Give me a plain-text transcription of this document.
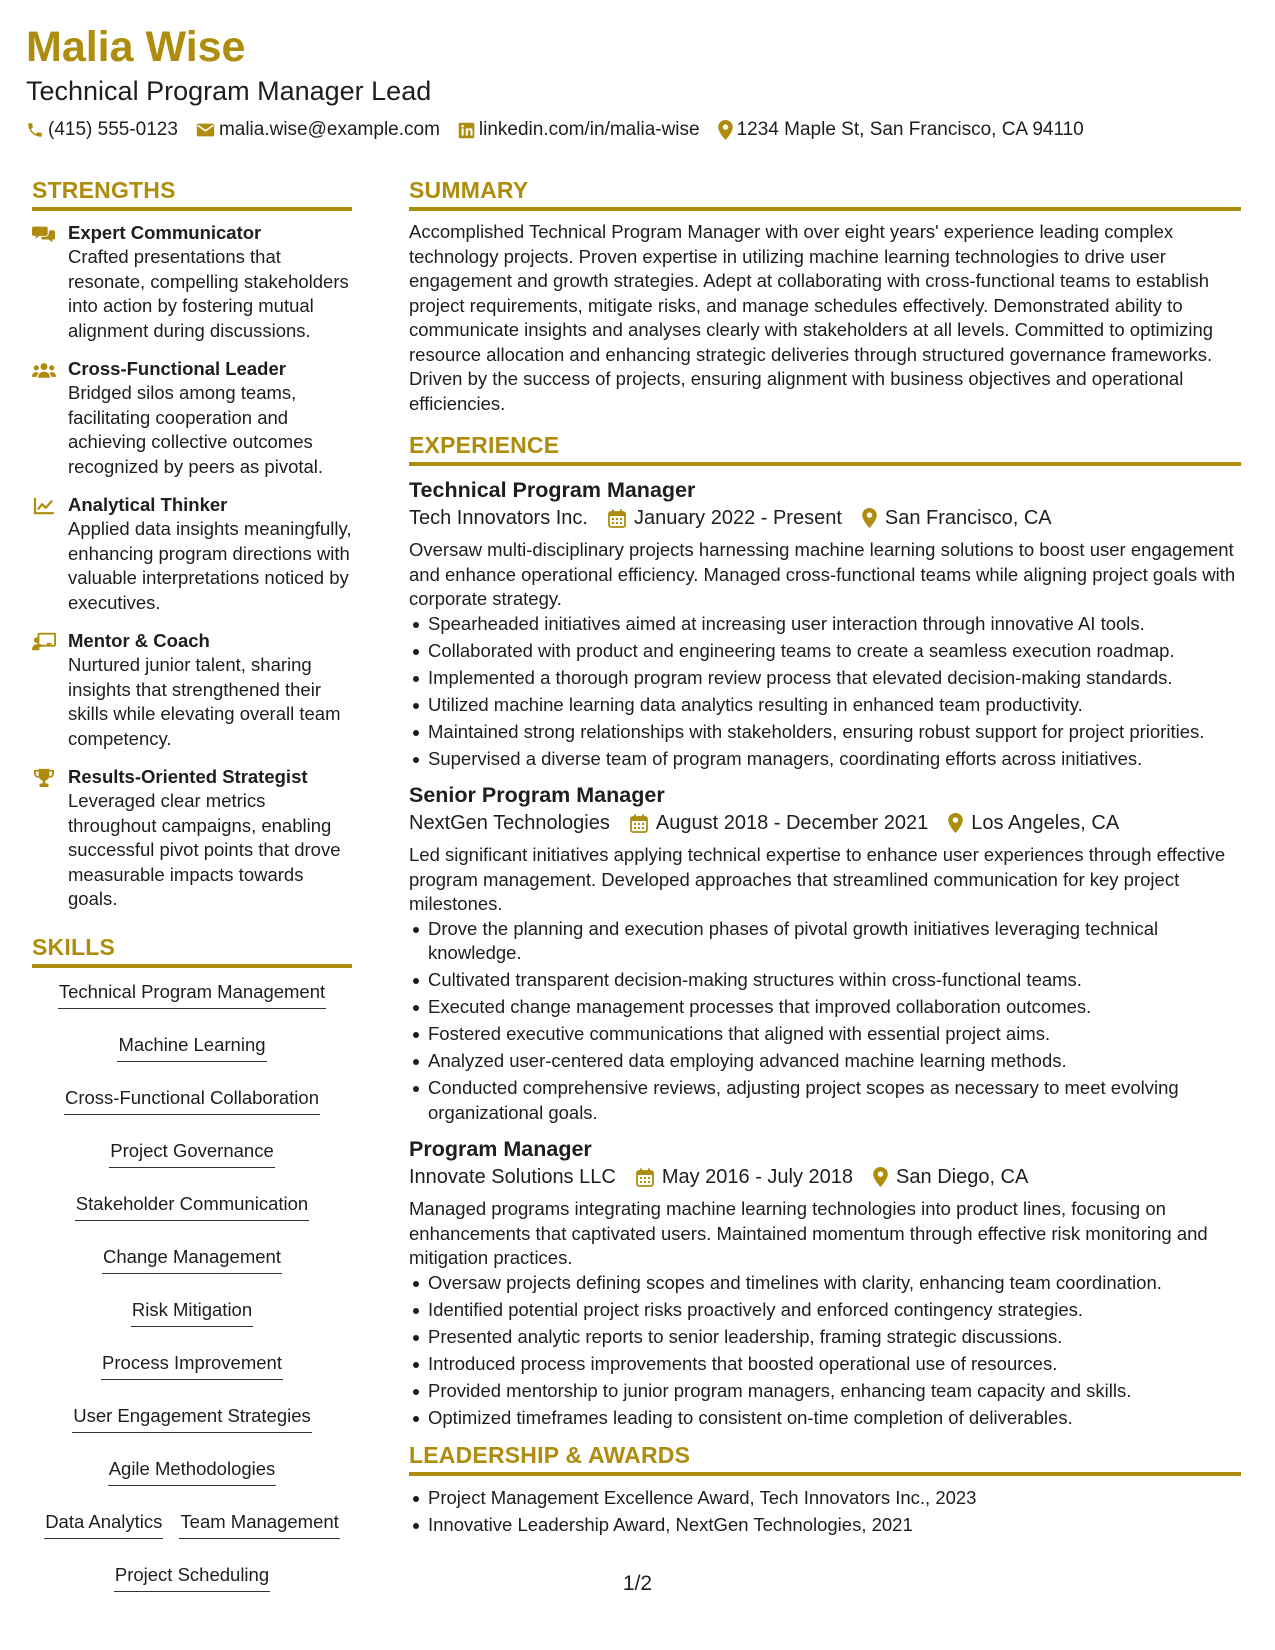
Malia Wise
Technical Program Manager Lead
(415) 555-0123 malia.wise@example.com linkedin.com/in/malia-wise 1234 Maple St, San Francisco, CA 94110
STRENGTHS
Expert Communicator
Crafted presentations that resonate, compelling stakeholders into action by fostering mutual alignment during discussions.
Cross-Functional Leader
Bridged silos among teams, facilitating cooperation and achieving collective outcomes recognized by peers as pivotal.
Analytical Thinker
Applied data insights meaningfully, enhancing program directions with valuable interpretations noticed by executives.
Mentor & Coach
Nurtured junior talent, sharing insights that strengthened their skills while elevating overall team competency.
Results-Oriented Strategist
Leveraged clear metrics throughout campaigns, enabling successful pivot points that drove measurable impacts towards goals.
SKILLS
Technical Program Management
Machine Learning
Cross-Functional Collaboration
Project Governance
Stakeholder Communication
Change Management
Risk Mitigation
Process Improvement
User Engagement Strategies
Agile Methodologies
Data Analytics Team Management
Project Scheduling
SUMMARY
Accomplished Technical Program Manager with over eight years' experience leading complex technology projects. Proven expertise in utilizing machine learning technologies to drive user engagement and growth strategies. Adept at collaborating with cross-functional teams to establish project requirements, mitigate risks, and manage schedules effectively. Demonstrated ability to communicate insights and analyses clearly with stakeholders at all levels. Committed to optimizing resource allocation and enhancing strategic deliveries through structured governance frameworks. Driven by the success of projects, ensuring alignment with business objectives and operational efficiencies.
EXPERIENCE
Technical Program Manager
Tech Innovators Inc. January 2022 - Present San Francisco, CA
Oversaw multi-disciplinary projects harnessing machine learning solutions to boost user engagement and enhance operational efficiency. Managed cross-functional teams while aligning project goals with corporate strategy.
Spearheaded initiatives aimed at increasing user interaction through innovative AI tools.
Collaborated with product and engineering teams to create a seamless execution roadmap.
Implemented a thorough program review process that elevated decision-making standards.
Utilized machine learning data analytics resulting in enhanced team productivity.
Maintained strong relationships with stakeholders, ensuring robust support for project priorities.
Supervised a diverse team of program managers, coordinating efforts across initiatives.
Senior Program Manager
NextGen Technologies August 2018 - December 2021 Los Angeles, CA
Led significant initiatives applying technical expertise to enhance user experiences through effective program management. Developed approaches that streamlined communication for key project milestones.
Drove the planning and execution phases of pivotal growth initiatives leveraging technical knowledge.
Cultivated transparent decision-making structures within cross-functional teams.
Executed change management processes that improved collaboration outcomes.
Fostered executive communications that aligned with essential project aims.
Analyzed user-centered data employing advanced machine learning methods.
Conducted comprehensive reviews, adjusting project scopes as necessary to meet evolving organizational goals.
Program Manager
Innovate Solutions LLC May 2016 - July 2018 San Diego, CA
Managed programs integrating machine learning technologies into product lines, focusing on enhancements that captivated users. Maintained momentum through effective risk monitoring and mitigation practices.
Oversaw projects defining scopes and timelines with clarity, enhancing team coordination.
Identified potential project risks proactively and enforced contingency strategies.
Presented analytic reports to senior leadership, framing strategic discussions.
Introduced process improvements that boosted operational use of resources.
Provided mentorship to junior program managers, enhancing team capacity and skills.
Optimized timeframes leading to consistent on-time completion of deliverables.
LEADERSHIP & AWARDS
Project Management Excellence Award, Tech Innovators Inc., 2023
Innovative Leadership Award, NextGen Technologies, 2021
1/2
